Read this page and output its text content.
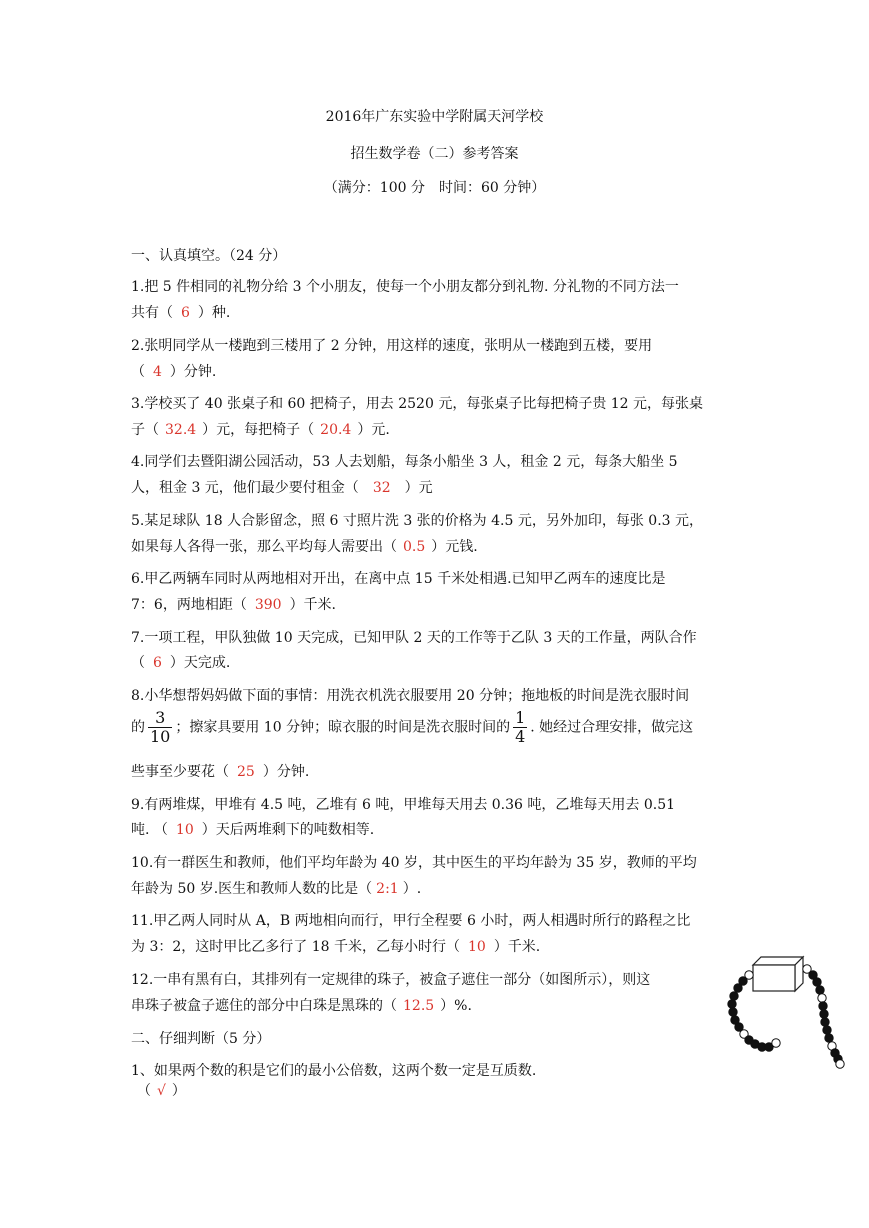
2016年广东实验中学附属天河学校
招生数学卷（二）参考答案
（满分：100 分　时间：60 分钟）
一、认真填空。（24 分）
1.把 5 件相同的礼物分给 3 个小朋友，使每一个小朋友都分到礼物. 分礼物的不同方法一
共有（ 6 ）种.
2.张明同学从一楼跑到三楼用了 2 分钟，用这样的速度，张明从一楼跑到五楼，要用
（ 4 ）分钟.
3.学校买了 40 张桌子和 60 把椅子，用去 2520 元，每张桌子比每把椅子贵 12 元，每张桌
子（ 32.4 ）元，每把椅子（ 20.4 ）元.
4.同学们去暨阳湖公园活动，53 人去划船，每条小船坐 3 人，租金 2 元，每条大船坐 5
人，租金 3 元，他们最少要付租金（ 32 ）元
5.某足球队 18 人合影留念，照 6 寸照片洗 3 张的价格为 4.5 元，另外加印，每张 0.3 元，
如果每人各得一张，那么平均每人需要出（ 0.5 ）元钱.
6.甲乙两辆车同时从两地相对开出，在离中点 15 千米处相遇.已知甲乙两车的速度比是
7：6，两地相距（ 390 ）千米.
7.一项工程，甲队独做 10 天完成，已知甲队 2 天的工作等于乙队 3 天的工作量，两队合作
（ 6 ）天完成.
8.小华想帮妈妈做下面的事情：用洗衣机洗衣服要用 20 分钟；拖地板的时间是洗衣服时间
的 $\frac{3}{10}$ ；擦家具要用 10 分钟；晾衣服的时间是洗衣服时间的 $\frac{1}{4}$ . 她经过合理安排，做完这
些事至少要花（ 25 ）分钟.
9.有两堆煤，甲堆有 4.5 吨，乙堆有 6 吨，甲堆每天用去 0.36 吨，乙堆每天用去 0.51
吨. （ 10 ）天后两堆剩下的吨数相等.
10.有一群医生和教师，他们平均年龄为 40 岁，其中医生的平均年龄为 35 岁，教师的平均
年龄为 50 岁.医生和教师人数的比是（ 2:1 ）.
11.甲乙两人同时从 A，B 两地相向而行，甲行全程要 6 小时，两人相遇时所行的路程之比
为 3：2，这时甲比乙多行了 18 千米，乙每小时行（ 10 ）千米.
12.一串有黑有白，其排列有一定规律的珠子，被盒子遮住一部分（如图所示），则这
串珠子被盒子遮住的部分中白珠是黑珠的（ 12.5 ）%.
二、仔细判断（5 分）
1、如果两个数的积是它们的最小公倍数，这两个数一定是互质数.
（ √ ）
